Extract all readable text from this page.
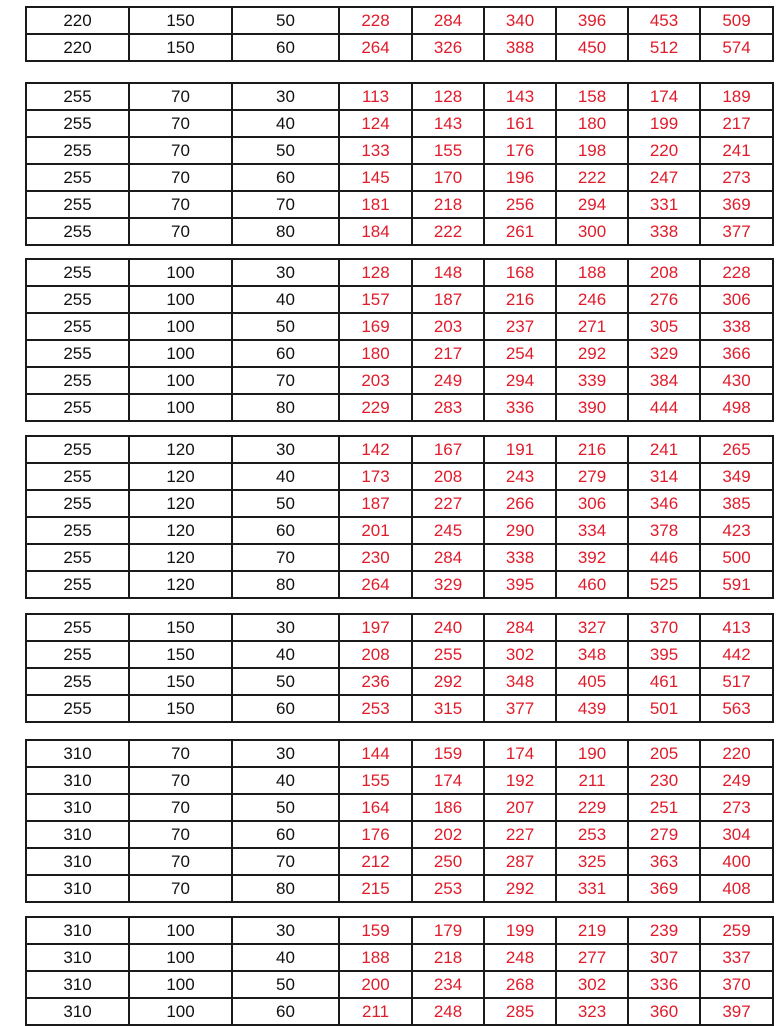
220	150	50	228	284	340	396	453	509
220	150	60	264	326	388	450	512	574
255	70	30	113	128	143	158	174	189
255	70	40	124	143	161	180	199	217
255	70	50	133	155	176	198	220	241
255	70	60	145	170	196	222	247	273
255	70	70	181	218	256	294	331	369
255	70	80	184	222	261	300	338	377
255	100	30	128	148	168	188	208	228
255	100	40	157	187	216	246	276	306
255	100	50	169	203	237	271	305	338
255	100	60	180	217	254	292	329	366
255	100	70	203	249	294	339	384	430
255	100	80	229	283	336	390	444	498
255	120	30	142	167	191	216	241	265
255	120	40	173	208	243	279	314	349
255	120	50	187	227	266	306	346	385
255	120	60	201	245	290	334	378	423
255	120	70	230	284	338	392	446	500
255	120	80	264	329	395	460	525	591
255	150	30	197	240	284	327	370	413
255	150	40	208	255	302	348	395	442
255	150	50	236	292	348	405	461	517
255	150	60	253	315	377	439	501	563
310	70	30	144	159	174	190	205	220
310	70	40	155	174	192	211	230	249
310	70	50	164	186	207	229	251	273
310	70	60	176	202	227	253	279	304
310	70	70	212	250	287	325	363	400
310	70	80	215	253	292	331	369	408
310	100	30	159	179	199	219	239	259
310	100	40	188	218	248	277	307	337
310	100	50	200	234	268	302	336	370
310	100	60	211	248	285	323	360	397
